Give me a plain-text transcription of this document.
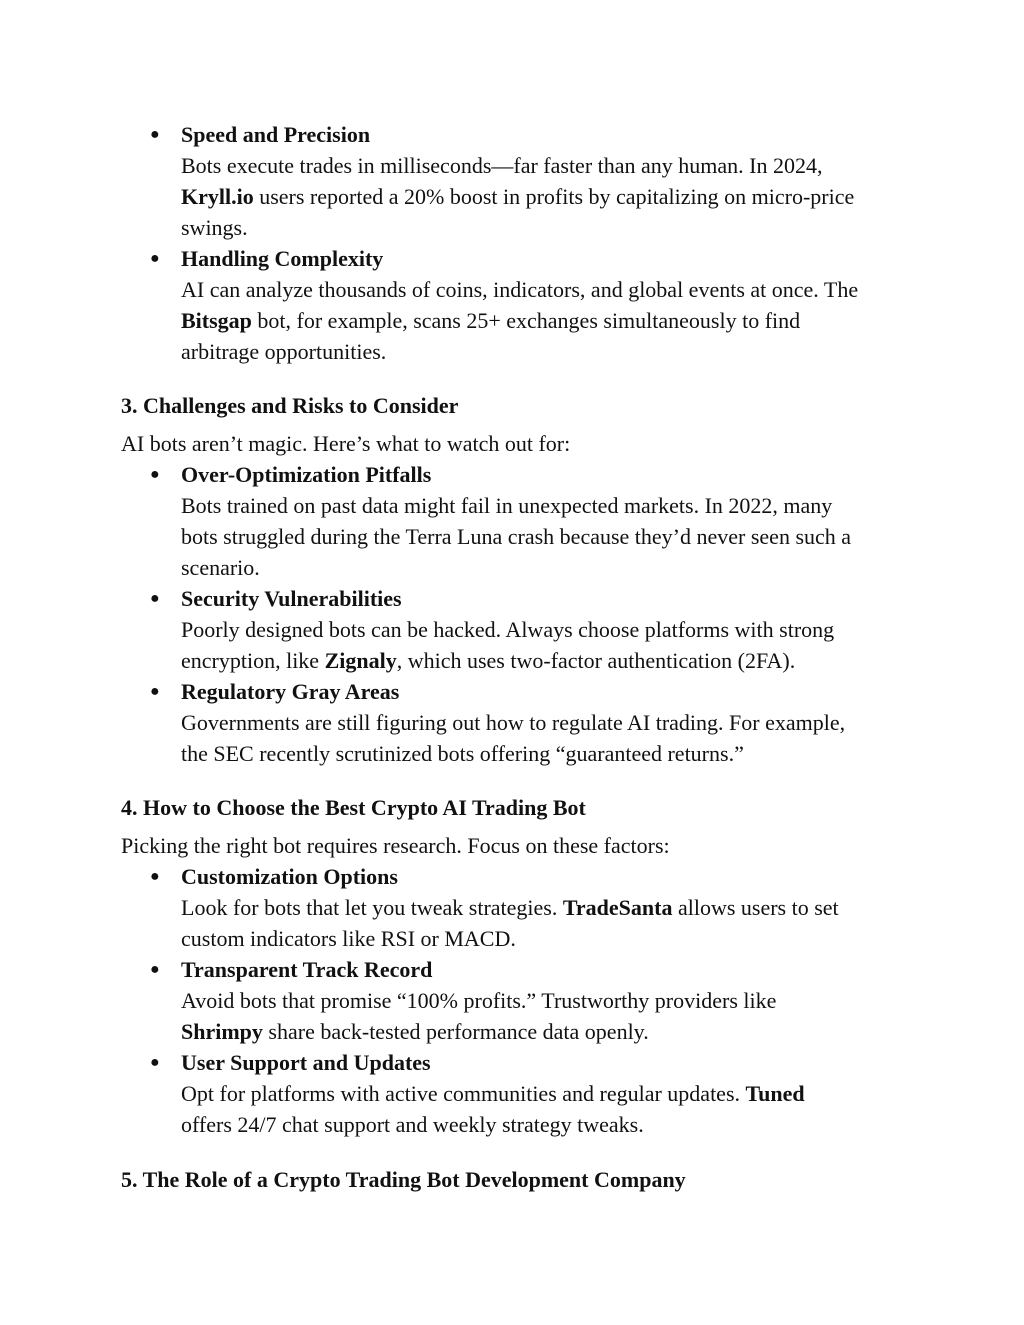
● Speed and Precision
Bots execute trades in milliseconds—far faster than any human. In 2024,
Kryll.io users reported a 20% boost in profits by capitalizing on micro-price
swings.
● Handling Complexity
AI can analyze thousands of coins, indicators, and global events at once. The
Bitsgap bot, for example, scans 25+ exchanges simultaneously to find
arbitrage opportunities.
3. Challenges and Risks to Consider
AI bots aren’t magic. Here’s what to watch out for:
● Over-Optimization Pitfalls
Bots trained on past data might fail in unexpected markets. In 2022, many
bots struggled during the Terra Luna crash because they’d never seen such a
scenario.
● Security Vulnerabilities
Poorly designed bots can be hacked. Always choose platforms with strong
encryption, like Zignaly, which uses two-factor authentication (2FA).
● Regulatory Gray Areas
Governments are still figuring out how to regulate AI trading. For example,
the SEC recently scrutinized bots offering “guaranteed returns.”
4. How to Choose the Best Crypto AI Trading Bot
Picking the right bot requires research. Focus on these factors:
● Customization Options
Look for bots that let you tweak strategies. TradeSanta allows users to set
custom indicators like RSI or MACD.
● Transparent Track Record
Avoid bots that promise “100% profits.” Trustworthy providers like
Shrimpy share back-tested performance data openly.
● User Support and Updates
Opt for platforms with active communities and regular updates. Tuned
offers 24/7 chat support and weekly strategy tweaks.
5. The Role of a Crypto Trading Bot Development Company
